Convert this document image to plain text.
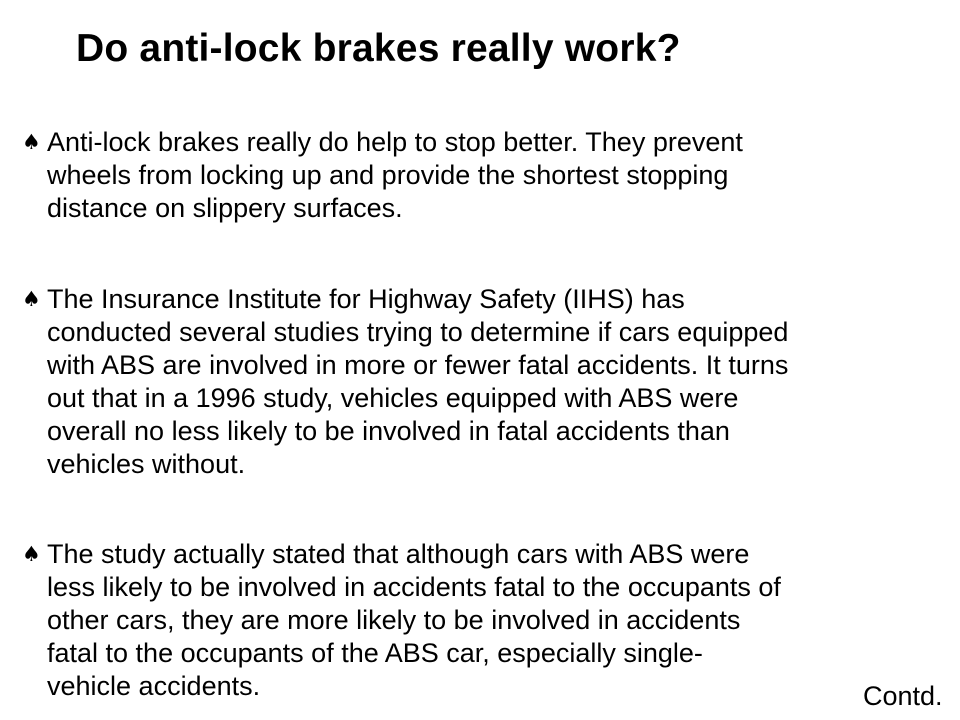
Do anti-lock brakes really work?
♠ Anti-lock brakes really do help to stop better. They prevent
wheels from locking up and provide the shortest stopping
distance on slippery surfaces.
♠ The Insurance Institute for Highway Safety (IIHS) has
conducted several studies trying to determine if cars equipped
with ABS are involved in more or fewer fatal accidents. It turns
out that in a 1996 study, vehicles equipped with ABS were
overall no less likely to be involved in fatal accidents than
vehicles without.
♠ The study actually stated that although cars with ABS were
less likely to be involved in accidents fatal to the occupants of
other cars, they are more likely to be involved in accidents
fatal to the occupants of the ABS car, especially single-
vehicle accidents.	Contd.
